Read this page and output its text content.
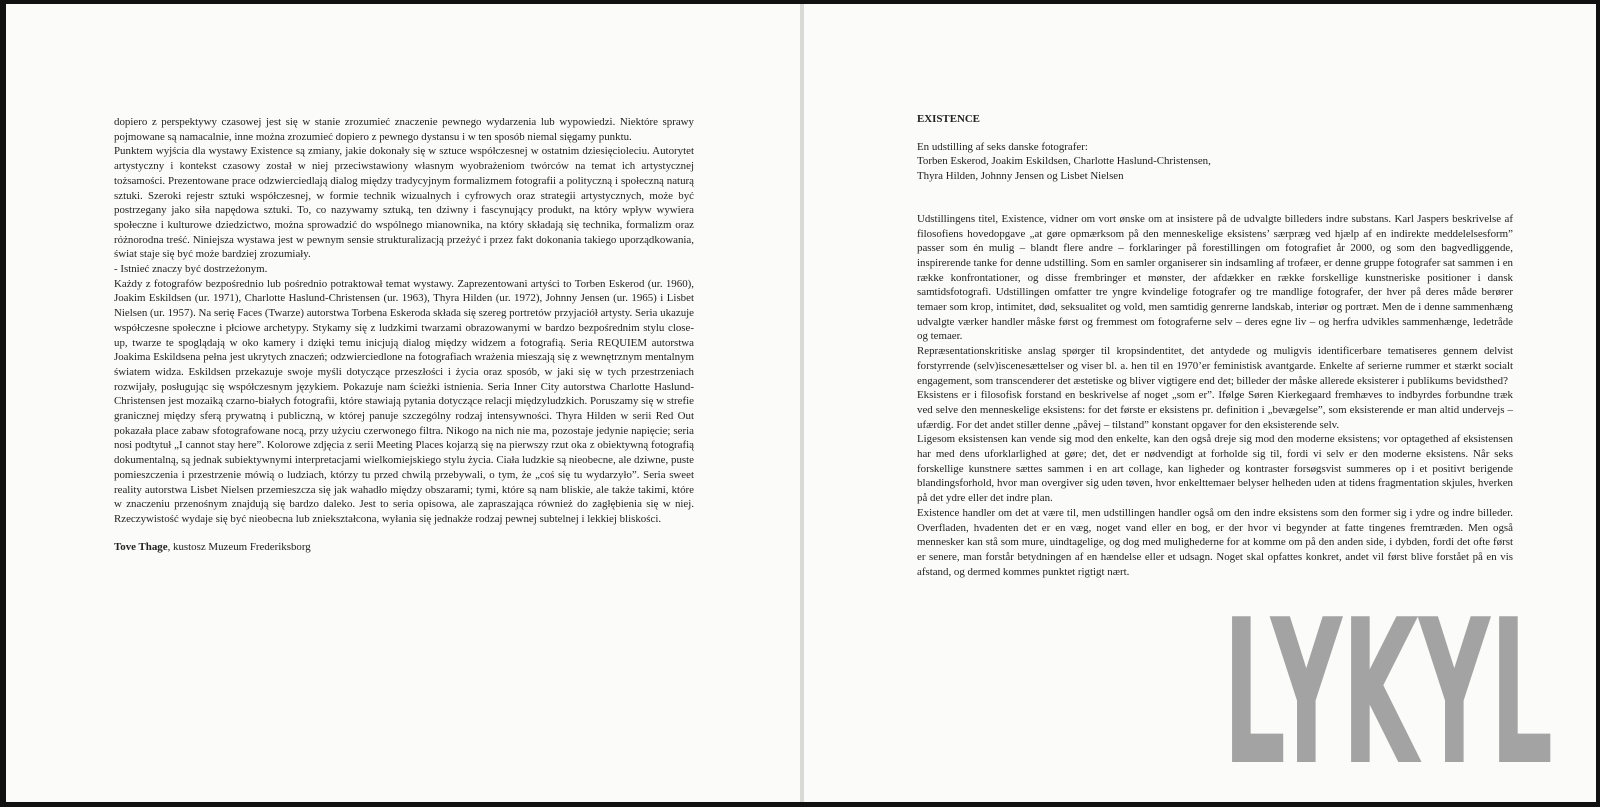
dopiero z perspektywy czasowej jest się w stanie zrozumieć znaczenie pewnego wydarzenia lub wypowiedzi. Niektóre sprawy pojmowane są namacalnie, inne można zrozumieć dopiero z pewnego dystansu i w ten sposób niemal sięgamy punktu.

Punktem wyjścia dla wystawy Existence są zmiany, jakie dokonały się w sztuce współczesnej w ostatnim dziesięcioleciu. Autorytet artystyczny i kontekst czasowy został w niej przeciwstawiony własnym wyobrażeniom twórców na temat ich artystycznej tożsamości. Prezentowane prace odzwierciedlają dialog między tradycyjnym formalizmem fotografii a polityczną i społeczną naturą sztuki. Szeroki rejestr sztuki współczesnej, w formie technik wizualnych i cyfrowych oraz strategii artystycznych, może być postrzegany jako siła napędowa sztuki. To, co nazywamy sztuką, ten dziwny i fascynujący produkt, na który wpływ wywiera społeczne i kulturowe dziedzictwo, można sprowadzić do wspólnego mianownika, na który składają się technika, formalizm oraz różnorodna treść. Niniejsza wystawa jest w pewnym sensie strukturalizacją przeżyć i przez fakt dokonania takiego uporządkowania, świat staje się być może bardziej zrozumiały.

- Istnieć znaczy być dostrzeżonym.

Każdy z fotografów bezpośrednio lub pośrednio potraktował temat wystawy. Zaprezentowani artyści to Torben Eskerod (ur. 1960), Joakim Eskildsen (ur. 1971), Charlotte Haslund-Christensen (ur. 1963), Thyra Hilden (ur. 1972), Johnny Jensen (ur. 1965) i Lisbet Nielsen (ur. 1957). Na serię Faces (Twarze) autorstwa Torbena Eskeroda składa się szereg portretów przyjaciół artysty. Seria ukazuje współczesne społeczne i płciowe archetypy. Stykamy się z ludzkimi twarzami obrazowanymi w bardzo bezpośrednim stylu close-up, twarze te spoglądają w oko kamery i dzięki temu inicjują dialog między widzem a fotografią. Seria REQUIEM autorstwa Joakima Eskildsena pełna jest ukrytych znaczeń; odzwierciedlone na fotografiach wrażenia mieszają się z wewnętrznym mentalnym światem widza. Eskildsen przekazuje swoje myśli dotyczące przeszłości i życia oraz sposób, w jaki się w tych przestrzeniach rozwijały, posługując się współczesnym językiem. Pokazuje nam ścieżki istnienia. Seria Inner City autorstwa Charlotte Haslund-Christensen jest mozaiką czarno-białych fotografii, które stawiają pytania dotyczące relacji międzyludzkich. Poruszamy się w strefie granicznej między sferą prywatną i publiczną, w której panuje szczególny rodzaj intensywności. Thyra Hilden w serii Red Out pokazała place zabaw sfotografowane nocą, przy użyciu czerwonego filtra. Nikogo na nich nie ma, pozostaje jedynie napięcie; seria nosi podtytuł „I cannot stay here”. Kolorowe zdjęcia z serii Meeting Places kojarzą się na pierwszy rzut oka z obiektywną fotografią dokumentalną, są jednak subiektywnymi interpretacjami wielkomiejskiego stylu życia. Ciała ludzkie są nieobecne, ale dziwne, puste pomieszczenia i przestrzenie mówią o ludziach, którzy tu przed chwilą przebywali, o tym, że „coś się tu wydarzyło”. Seria sweet reality autorstwa Lisbet Nielsen przemieszcza się jak wahadło między obszarami; tymi, które są nam bliskie, ale także takimi, które w znaczeniu przenośnym znajdują się bardzo daleko. Jest to seria opisowa, ale zapraszająca również do zagłębienia się w niej. Rzeczywistość wydaje się być nieobecna lub zniekształcona, wyłania się jednakże rodzaj pewnej subtelnej i lekkiej bliskości.

Tove Thage, kustosz Muzeum Frederiksborg

EXISTENCE

En udstilling af seks danske fotografer:

Torben Eskerod, Joakim Eskildsen, Charlotte Haslund-Christensen,

Thyra Hilden, Johnny Jensen og Lisbet Nielsen

Udstillingens titel, Existence, vidner om vort ønske om at insistere på de udvalgte billeders indre substans. Karl Jaspers beskrivelse af filosofiens hovedopgave „at gøre opmærksom på den menneskelige eksistens’ særpræg ved hjælp af en indirekte meddelelsesform” passer som én mulig – blandt flere andre – forklaringer på forestillingen om fotografiet år 2000, og som den bagvedliggende, inspirerende tanke for denne udstilling. Som en samler organiserer sin indsamling af trofæer, er denne gruppe fotografer sat sammen i en række konfrontationer, og disse frembringer et mønster, der afdækker en række forskellige kunstneriske positioner i dansk samtidsfotografi. Udstillingen omfatter tre yngre kvindelige fotografer og tre mandlige fotografer, der hver på deres måde berører temaer som krop, intimitet, død, seksualitet og vold, men samtidig genrerne landskab, interiør og portræt. Men de i denne sammenhæng udvalgte værker handler måske først og fremmest om fotograferne selv – deres egne liv – og herfra udvikles sammenhænge, ledetråde og temaer.

Repræsentationskritiske anslag spørger til kropsindentitet, det antydede og muligvis identificerbare tematiseres gennem delvist forstyrrende (selv)iscenesættelser og viser bl. a. hen til en 1970’er feministisk avantgarde. Enkelte af serierne rummer et stærkt socialt engagement, som transcenderer det æstetiske og bliver vigtigere end det; billeder der måske allerede eksisterer i publikums bevidsthed?

Eksistens er i filosofisk forstand en beskrivelse af noget „som er”. Ifølge Søren Kierkegaard fremhæves to indbyrdes forbundne træk ved selve den menneskelige eksistens: for det første er eksistens pr. definition i „bevægelse”, som eksisterende er man altid undervejs – ufærdig. For det andet stiller denne „påvej – tilstand” konstant opgaver for den eksisterende selv.

Ligesom eksistensen kan vende sig mod den enkelte, kan den også dreje sig mod den moderne eksistens; vor optagethed af eksistensen har med dens uforklarlighed at gøre; det, det er nødvendigt at forholde sig til, fordi vi selv er den moderne eksistens. Når seks forskellige kunstnere sættes sammen i en art collage, kan ligheder og kontraster forsøgsvist summeres op i et positivt berigende blandingsforhold, hvor man overgiver sig uden tøven, hvor enkelttemaer belyser helheden uden at tidens fragmentation skjules, hverken på det ydre eller det indre plan.

Existence handler om det at være til, men udstillingen handler også om den indre eksistens som den former sig i ydre og indre billeder. Overfladen, hvadenten det er en væg, noget vand eller en bog, er der hvor vi begynder at fatte tingenes fremtræden. Men også mennesker kan stå som mure, uindtagelige, og dog med mulighederne for at komme om på den anden side, i dybden, fordi det ofte først er senere, man forstår betydningen af en hændelse eller et udsagn. Noget skal opfattes konkret, andet vil først blive forstået på en vis afstand, og dermed kommes punktet rigtigt nært.

LYKYL
